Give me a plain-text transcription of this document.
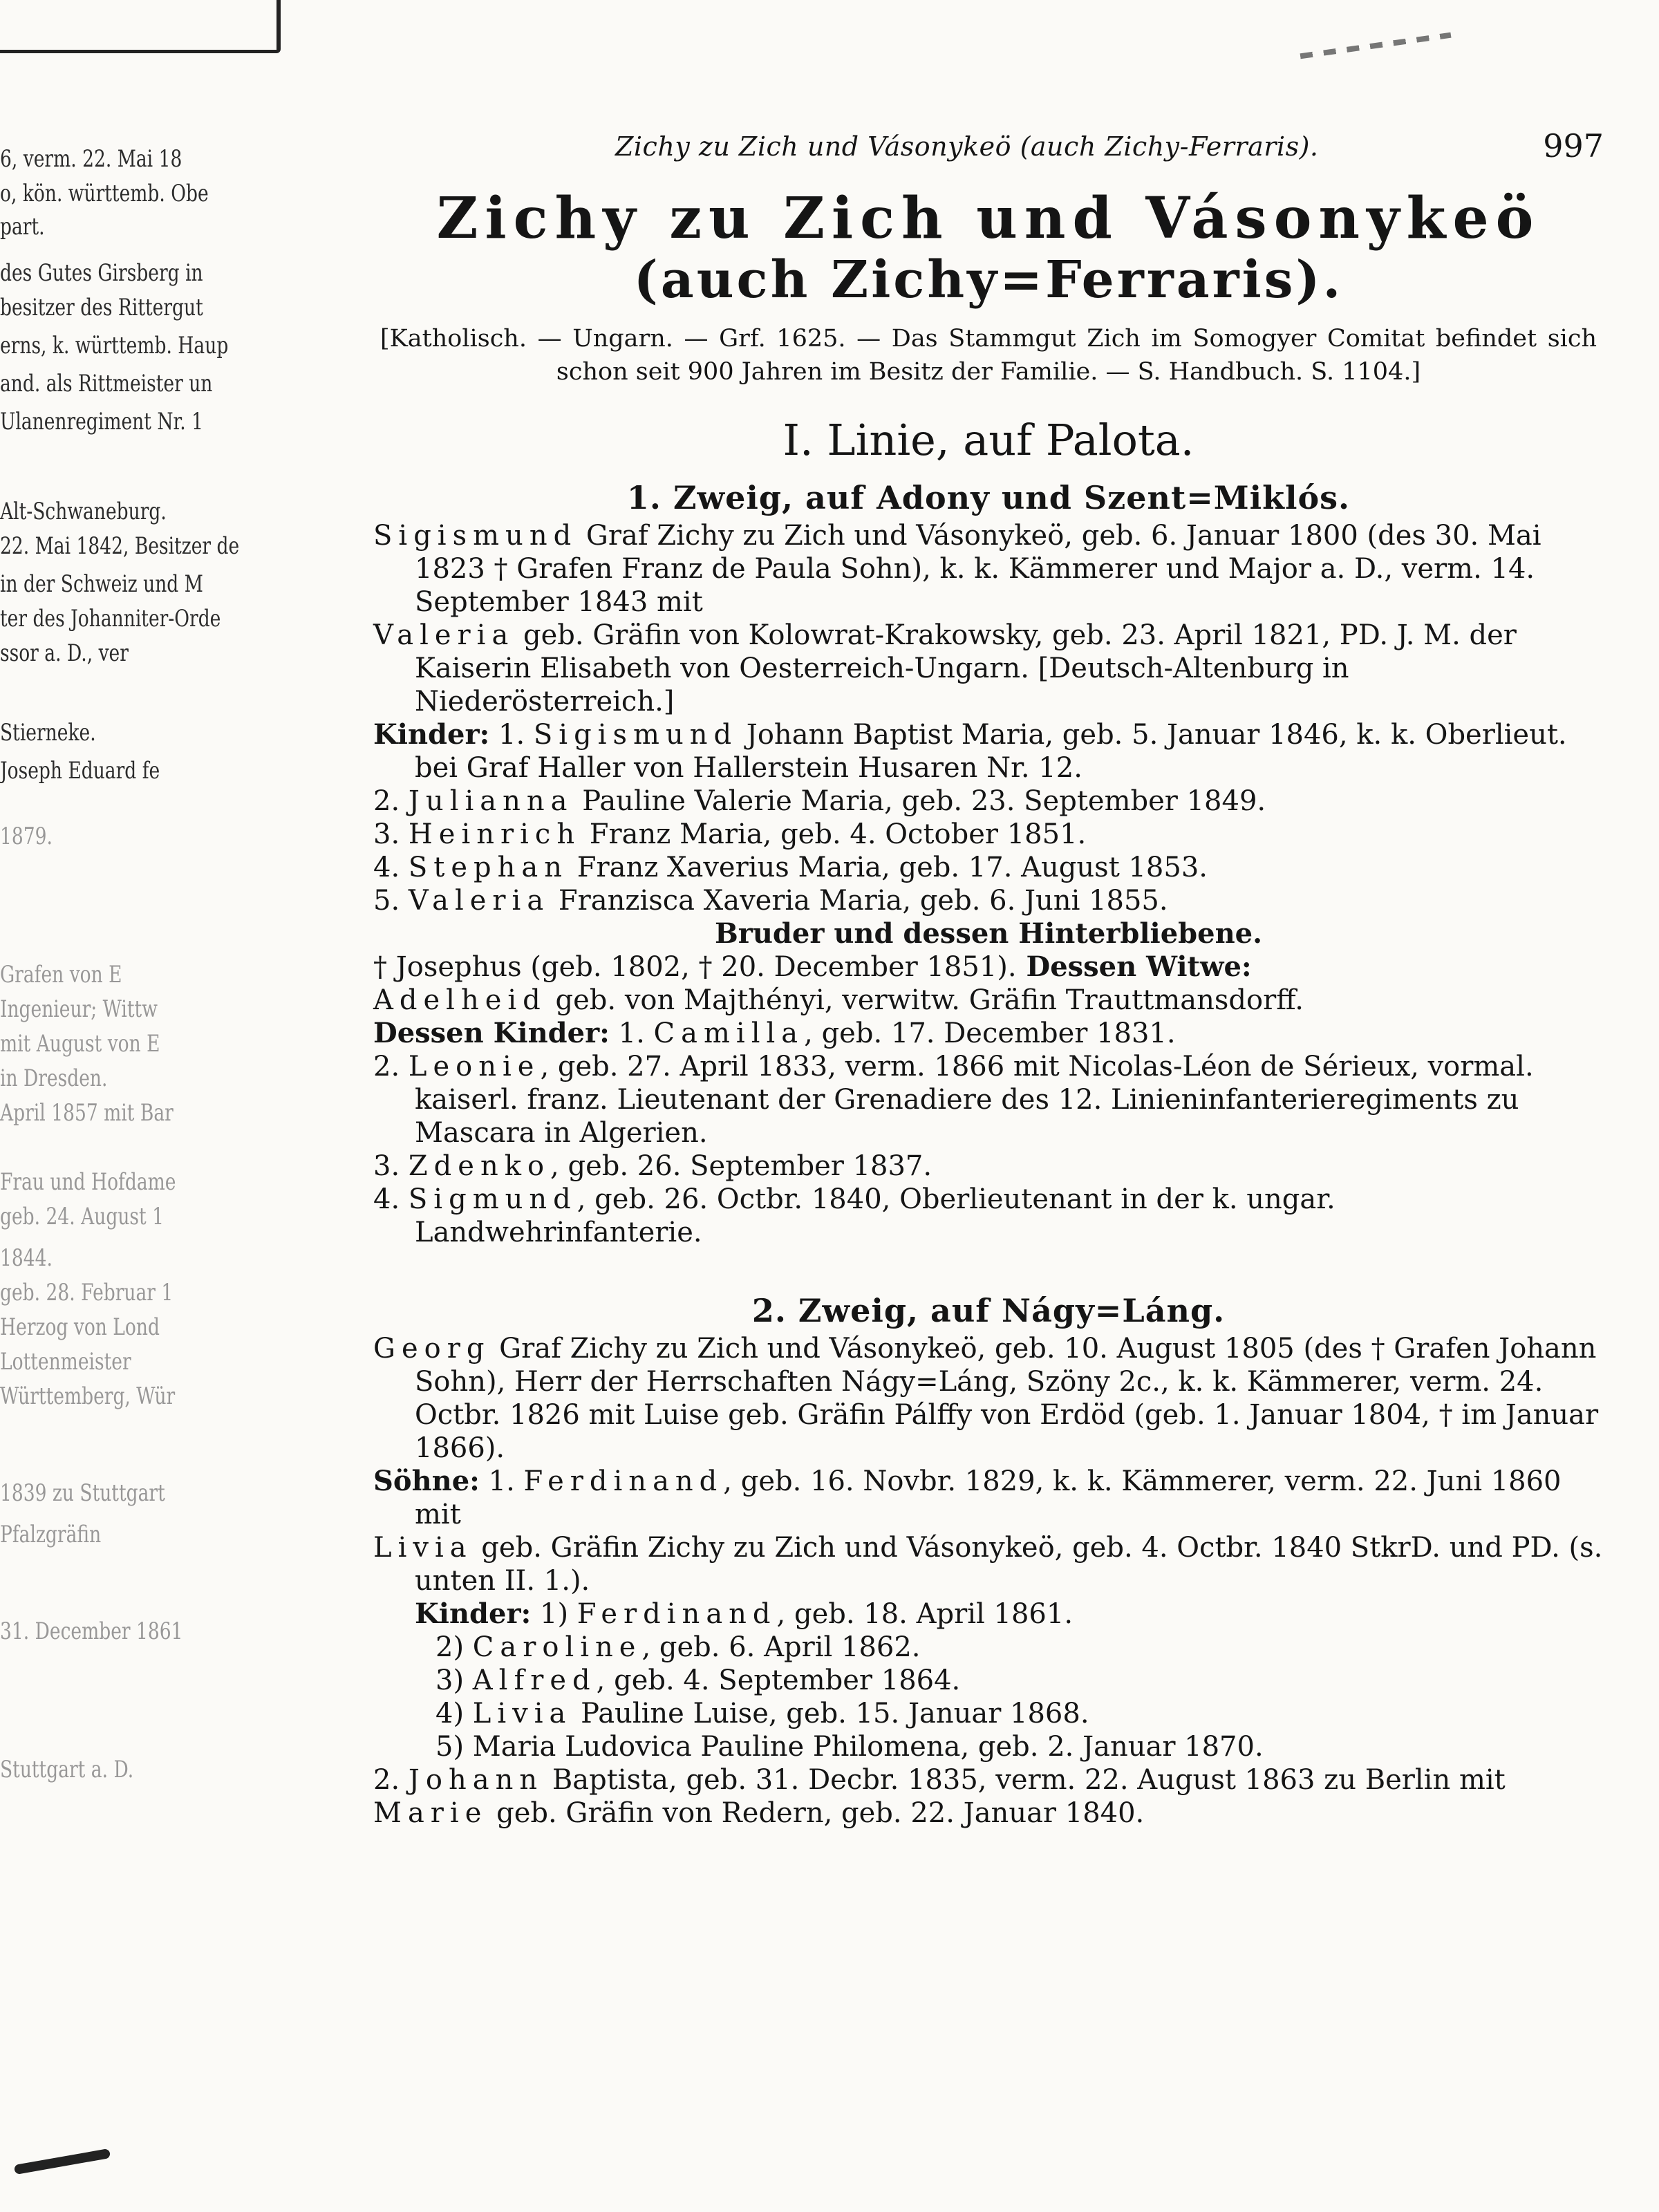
6, verm. 22. Mai 18
o, kön. württemb. Obe
part.
des Gutes Girsberg in
besitzer des Rittergut
erns, k. württemb. Haup
and. als Rittmeister un
Ulanenregiment Nr. 1
Alt-Schwaneburg.
22. Mai 1842, Besitzer de
in der Schweiz und M
ter des Johanniter-Orde
ssor a. D., ver
Stierneke.
Joseph Eduard fe
1879.
Grafen von E
Ingenieur; Wittw
mit August von E
in Dresden.
April 1857 mit Bar
Frau und Hofdame
geb. 24. August 1
1844.
geb. 28. Februar 1
Herzog von Lond
Lottenmeister
Württemberg, Wür
1839 zu Stuttgart
Pfalzgräfin
31. December 1861
Stuttgart a. D.
Zichy zu Zich und Vásonykeö (auch Zichy-Ferraris).	997
Zichy zu Zich und Vásonykeö
(auch Zichy=Ferraris).

[Katholisch. — Ungarn. — Grf. 1625. — Das Stammgut Zich im Somogyer Comitat befindet sich schon seit 900 Jahren im Besitz der Familie. — S. Handbuch. S. 1104.]

I. Linie, auf Palota.
1. Zweig, auf Adony und Szent=Miklós.

Sigismund Graf Zichy zu Zich und Vásonykeö, geb. 6. Januar 1800 (des 30. Mai 1823 † Grafen Franz de Paula Sohn), k. k. Kämmerer und Major a. D., verm. 14. September 1843 mit

Valeria geb. Gräfin von Kolowrat-Krakowsky, geb. 23. April 1821, PD. J. M. der Kaiserin Elisabeth von Oesterreich-Ungarn. [Deutsch-Altenburg in Niederösterreich.]

Kinder: 1. Sigismund Johann Baptist Maria, geb. 5. Januar 1846, k. k. Oberlieut. bei Graf Haller von Hallerstein Husaren Nr. 12.

2. Julianna Pauline Valerie Maria, geb. 23. September 1849.

3. Heinrich Franz Maria, geb. 4. October 1851.

4. Stephan Franz Xaverius Maria, geb. 17. August 1853.

5. Valeria Franzisca Xaveria Maria, geb. 6. Juni 1855.

Bruder und dessen Hinterbliebene.

† Josephus (geb. 1802, † 20. December 1851). Dessen Witwe:

Adelheid geb. von Majthényi, verwitw. Gräfin Trauttmansdorff.

Dessen Kinder: 1. Camilla, geb. 17. December 1831.

2. Leonie, geb. 27. April 1833, verm. 1866 mit Nicolas-Léon de Sérieux, vormal. kaiserl. franz. Lieutenant der Grenadiere des 12. Linieninfanterieregiments zu Mascara in Algerien.

3. Zdenko, geb. 26. September 1837.

4. Sigmund, geb. 26. Octbr. 1840, Oberlieutenant in der k. ungar. Landwehrinfanterie.

2. Zweig, auf Nágy=Láng.

Georg Graf Zichy zu Zich und Vásonykeö, geb. 10. August 1805 (des † Grafen Johann Sohn), Herr der Herrschaften Nágy=Láng, Szöny 2c., k. k. Kämmerer, verm. 24. Octbr. 1826 mit Luise geb. Gräfin Pálffy von Erdöd (geb. 1. Januar 1804, † im Januar 1866).

Söhne: 1. Ferdinand, geb. 16. Novbr. 1829, k. k. Kämmerer, verm. 22. Juni 1860 mit

Livia geb. Gräfin Zichy zu Zich und Vásonykeö, geb. 4. Octbr. 1840 StkrD. und PD. (s. unten II. 1.).

Kinder: 1) Ferdinand, geb. 18. April 1861.

2) Caroline, geb. 6. April 1862.

3) Alfred, geb. 4. September 1864.

4) Livia Pauline Luise, geb. 15. Januar 1868.

5) Maria Ludovica Pauline Philomena, geb. 2. Januar 1870.

2. Johann Baptista, geb. 31. Decbr. 1835, verm. 22. August 1863 zu Berlin mit

Marie geb. Gräfin von Redern, geb. 22. Januar 1840.
